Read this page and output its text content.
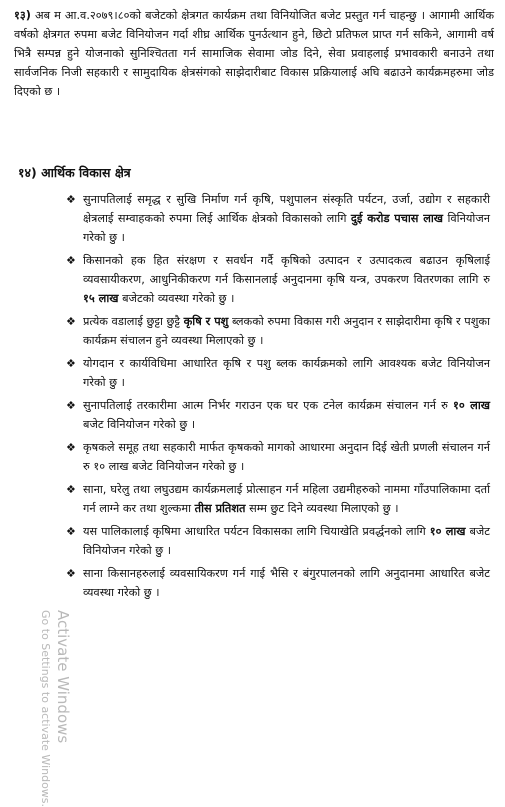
१३) अब म आ.व.२०७९।८०को बजेटको क्षेत्रगत कार्यक्रम तथा विनियोजित बजेट प्रस्तुत गर्न चाहन्छु । आगामी आर्थिक वर्षको क्षेत्रगत रुपमा बजेट विनियोजन गर्दा शीघ्र आर्थिक पुनर्उत्थान हुने, छिटो प्रतिफल प्राप्त गर्न सकिने, आगामी वर्ष भित्रै सम्पन्न हुने योजनाको सुनिश्चितता गर्न सामाजिक सेवामा जोड दिने, सेवा प्रवाहलाई प्रभावकारी बनाउने तथा सार्वजनिक निजी सहकारी र सामुदायिक क्षेत्रसंगको साझेदारीबाट विकास प्रक्रियालाई अघि बढाउने कार्यक्रमहरुमा जोड दिएको छ ।

१४) आर्थिक विकास क्षेत्र
❖ सुनापतिलाई समृद्ध र सुखि निर्माण गर्न कृषि, पशुपालन संस्कृति पर्यटन, उर्जा, उद्योग र सहकारी क्षेत्रलाई सम्वाहकको रुपमा लिई आर्थिक क्षेत्रको विकासको लागि दुई करोड पचास लाख विनियोजन गरेको छु ।
❖ किसानको हक हित संरक्षण र सवर्धन गर्दै कृषिको उत्पादन र उत्पादकत्व बढाउन कृषिलाई व्यवसायीकरण, आधुनिकीकरण गर्न किसानलाई अनुदानमा कृषि यन्त्र, उपकरण वितरणका लागि रु १५ लाख बजेटको व्यवस्था गरेको छु ।
❖ प्रत्येक वडालाई छुट्टा छुट्टै कृषि र पशु ब्लकको रुपमा विकास गरी अनुदान र साझेदारीमा कृषि र पशुका कार्यक्रम संचालन हुने व्यवस्था मिलाएको छु ।
❖ योगदान र कार्यविधिमा आधारित कृषि र पशु ब्लक कार्यक्रमको लागि आवश्यक बजेट विनियोजन गरेको छु ।
❖ सुनापतिलाई तरकारीमा आत्म निर्भर गराउन एक घर एक टनेल कार्यक्रम संचालन गर्न रु १० लाख बजेट विनियोजन गरेको छु ।
❖ कृषकले समूह तथा सहकारी मार्फत कृषकको मागको आधारमा अनुदान दिई खेती प्रणली संचालन गर्न रु १० लाख बजेट विनियोजन गरेको छु ।
❖ साना, घरेलु तथा लघुउद्यम कार्यक्रमलाई प्रोत्साहन गर्न महिला उद्यमीहरुको नाममा गाँउपालिकामा दर्ता गर्न लाग्ने कर तथा शुल्कमा तीस प्रतिशत सम्म छुट दिने व्यवस्था मिलाएको छु ।
❖ यस पालिकालाई कृषिमा आधारित पर्यटन विकासका लागि चियाखेति प्रवर्द्धनको लागि १० लाख बजेट विनियोजन गरेको छु ।
❖ साना किसानहरुलाई व्यवसायिकरण गर्न गाई भैसि र बंगुरपालनको लागि अनुदानमा आधारित बजेट व्यवस्था गरेको छु ।
Activate Windows
Go to Settings to activate Windows.
